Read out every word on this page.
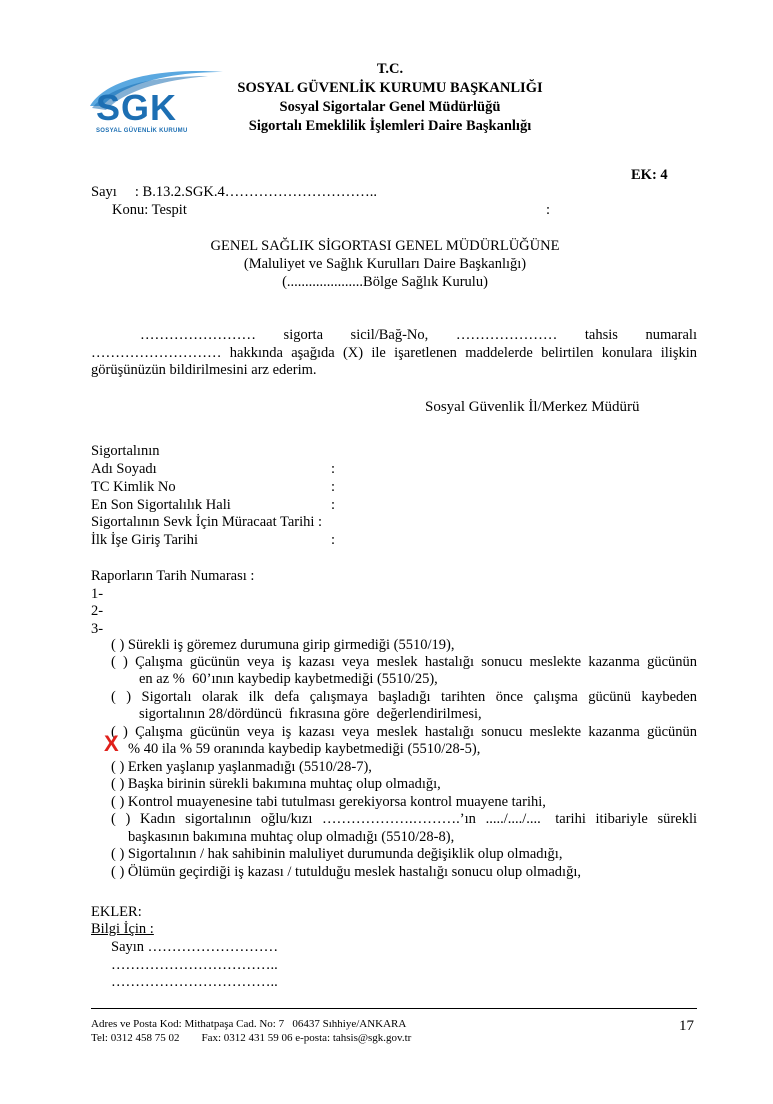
SGK
SOSYAL GÜVENLİK KURUMU
T.C.
SOSYAL GÜVENLİK KURUMU BAŞKANLIĞI
Sosyal Sigortalar Genel Müdürlüğü
Sigortalı Emeklilik İşlemleri Daire Başkanlığı
EK: 4
Sayı     : B.13.2.SGK.4…………………………..
Konu: Tespit	:
GENEL SAĞLIK SİGORTASI GENEL MÜDÜRLÜĞÜNE
(Maluliyet ve Sağlık Kurulları Daire Başkanlığı)
(.....................Bölge Sağlık Kurulu)
……………………  sigorta  sicil/Bağ-No,  …………………  tahsis  numaralı
……………………… hakkında aşağıda (X) ile işaretlenen maddelerde belirtilen konulara ilişkin
görüşünüzün bildirilmesini arz ederim.
Sosyal Güvenlik İl/Merkez Müdürü
Sigortalının
Adı Soyadı	:
TC Kimlik No	:
En Son Sigortalılık Hali	:
Sigortalının Sevk İçin Müracaat Tarihi :
İlk İşe Giriş Tarihi	:
Raporların Tarih Numarası :
1-
2-
3-
( ) Sürekli iş göremez durumuna girip girmediği (5510/19),
( ) Çalışma gücünün veya iş kazası veya meslek hastalığı sonucu meslekte kazanma gücünün
en az %  60’ının kaybedip kaybetmediği (5510/25),
(  )  Sigortalı  olarak  ilk  defa  çalışmaya  başladığı  tarihten  önce  çalışma  gücünü  kaybeden
sigortalının 28/dördüncü  fıkrasına göre  değerlendirilmesi,
( ) Çalışma gücünün veya iş kazası veya meslek hastalığı sonucu meslekte kazanma gücünün
% 40 ila % 59 oranında kaybedip kaybetmediği (5510/28-5),
X
( ) Erken yaşlanıp yaşlanmadığı (5510/28-7),
( ) Başka birinin sürekli bakımına muhtaç olup olmadığı,
( ) Kontrol muayenesine tabi tutulması gerekiyorsa kontrol muayene tarihi,
(  )  Kadın  sigortalının  oğlu/kızı  ……………….……….’ın  ...../..../....   tarihi  itibariyle  sürekli
başkasının bakımına muhtaç olup olmadığı (5510/28-8),
( ) Sigortalının / hak sahibinin maluliyet durumunda değişiklik olup olmadığı,
( ) Ölümün geçirdiği iş kazası / tutulduğu meslek hastalığı sonucu olup olmadığı,
EKLER:
Bilgi İçin :
Sayın ………………………
……………………………..
……………………………..
Adres ve Posta Kod: Mithatpaşa Cad. No: 7   06437 Sıhhiye/ANKARA
Tel: 0312 458 75 02        Fax: 0312 431 59 06 e-posta: tahsis@sgk.gov.tr
17
